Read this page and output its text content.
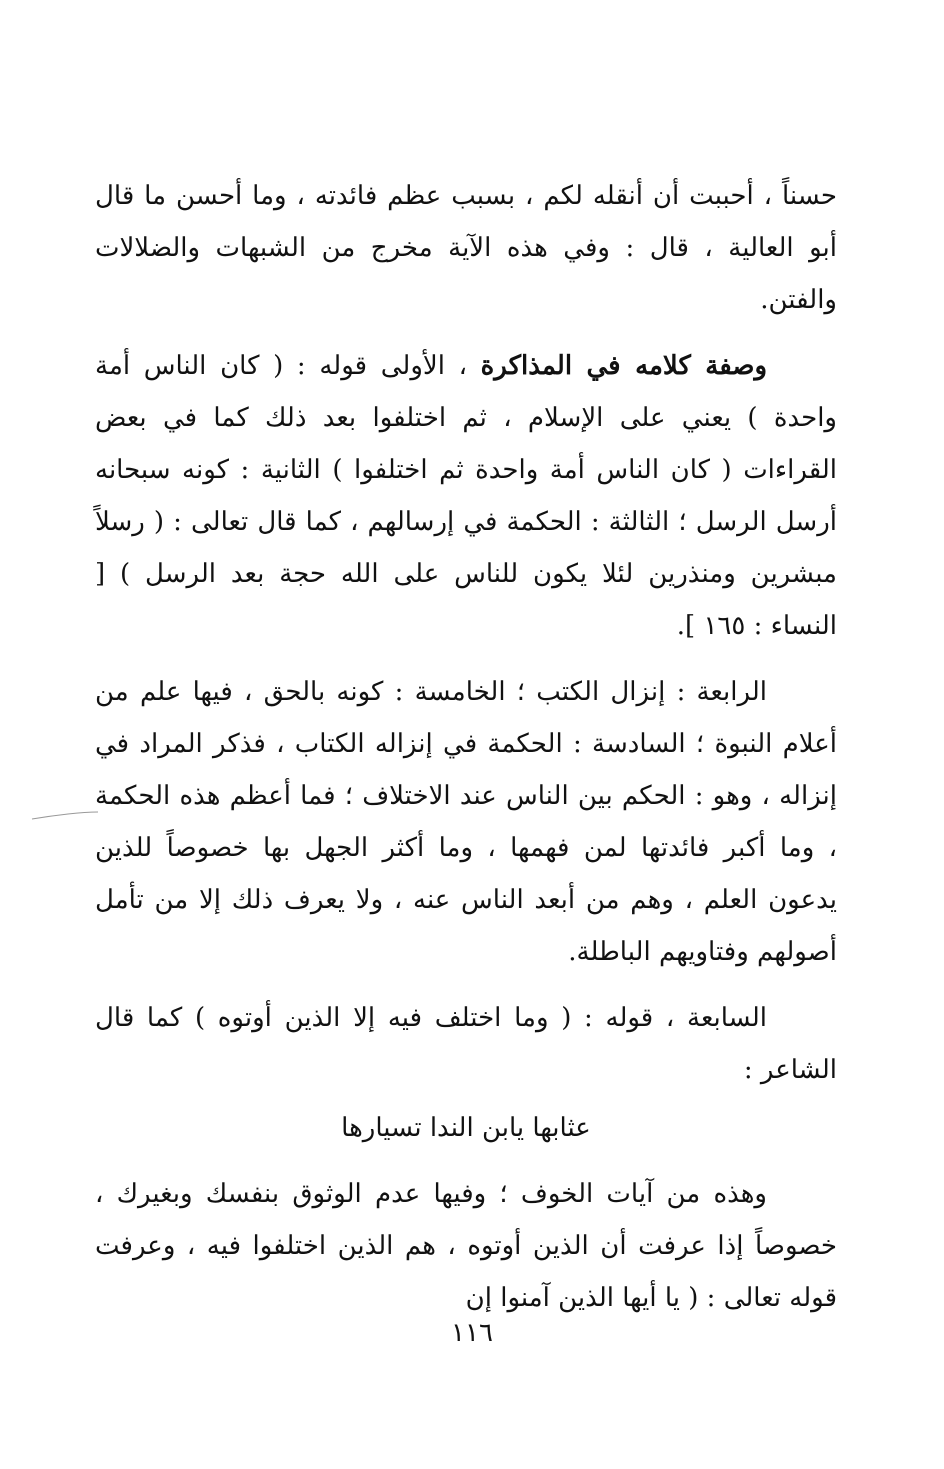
حسناً ، أحببت أن أنقله لكم ، بسبب عظم فائدته ، وما أحسن ما قال أبو العالية ، قال : وفي هذه الآية مخرج من الشبهات والضلالات والفتن.

وصفة كلامه في المذاكرة ، الأولى قوله : ( كان الناس أمة واحدة ) يعني على الإسلام ، ثم اختلفوا بعد ذلك كما في بعض القراءات ( كان الناس أمة واحدة ثم اختلفوا ) الثانية : كونه سبحانه أرسل الرسل ؛ الثالثة : الحكمة في إرسالهم ، كما قال تعالى : ( رسلاً مبشرين ومنذرين لئلا يكون للناس على الله حجة بعد الرسل ) [ النساء : ١٦٥ ].

الرابعة : إنزال الكتب ؛ الخامسة : كونه بالحق ، فيها علم من أعلام النبوة ؛ السادسة : الحكمة في إنزاله الكتاب ، فذكر المراد في إنزاله ، وهو : الحكم بين الناس عند الاختلاف ؛ فما أعظم هذه الحكمة ، وما أكبر فائدتها لمن فهمها ، وما أكثر الجهل بها خصوصاً للذين يدعون العلم ، وهم من أبعد الناس عنه ، ولا يعرف ذلك إلا من تأمل أصولهم وفتاويهم الباطلة.

السابعة ، قوله : ( وما اختلف فيه إلا الذين أوتوه ) كما قال الشاعر :

عثابها يابن الندا تسيارها

وهذه من آيات الخوف ؛ وفيها عدم الوثوق بنفسك وبغيرك ، خصوصاً إذا عرفت أن الذين أوتوه ، هم الذين اختلفوا فيه ، وعرفت قوله تعالى : ( يا أيها الذين آمنوا إن

١١٦
